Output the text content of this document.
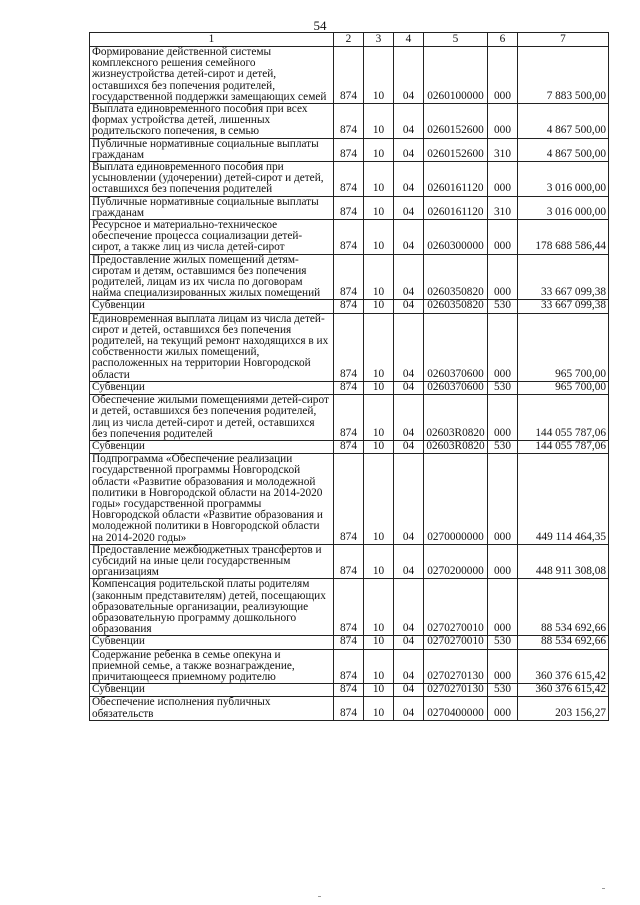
54
1	2	3	4	5	6	7
Формирование действенной системы комплексного решения семейного жизнеустройства детей-сирот и детей, оставшихся без попечения родителей, государственной поддержки замещающих семей	874	10	04	0260100000	000	7 883 500,00
Выплата единовременного пособия при всех формах устройства детей, лишенных родительского попечения, в семью	874	10	04	0260152600	000	4 867 500,00
Публичные нормативные социальные выплаты гражданам	874	10	04	0260152600	310	4 867 500,00
Выплата единовременного пособия при усыновлении (удочерении) детей-сирот и детей, оставшихся без попечения родителей	874	10	04	0260161120	000	3 016 000,00
Публичные нормативные социальные выплаты гражданам	874	10	04	0260161120	310	3 016 000,00
Ресурсное и материально-техническое обеспечение процесса социализации детей-сирот, а также лиц из числа детей-сирот	874	10	04	0260300000	000	178 688 586,44
Предоставление жилых помещений детям-сиротам и детям, оставшимся без попечения родителей, лицам из их числа по договорам найма специализированных жилых помещений	874	10	04	0260350820	000	33 667 099,38
Субвенции	874	10	04	0260350820	530	33 667 099,38
Единовременная выплата лицам из числа детей-сирот и детей, оставшихся без попечения родителей, на текущий ремонт находящихся в их собственности жилых помещений, расположенных на территории Новгородской области	874	10	04	0260370600	000	965 700,00
Субвенции	874	10	04	0260370600	530	965 700,00
Обеспечение жилыми помещениями детей-сирот и детей, оставшихся без попечения родителей, лиц из числа детей-сирот и детей, оставшихся без попечения родителей	874	10	04	02603R0820	000	144 055 787,06
Субвенции	874	10	04	02603R0820	530	144 055 787,06
Подпрограмма «Обеспечение реализации государственной программы Новгородской области «Развитие образования и молодежной политики в Новгородской области на 2014-2020 годы» государственной программы Новгородской области «Развитие образования и молодежной политики в Новгородской области на 2014-2020 годы»	874	10	04	0270000000	000	449 114 464,35
Предоставление межбюджетных трансфертов и субсидий на иные цели государственным организациям	874	10	04	0270200000	000	448 911 308,08
Компенсация родительской платы родителям (законным представителям) детей, посещающих образовательные организации, реализующие образовательную программу дошкольного образования	874	10	04	0270270010	000	88 534 692,66
Субвенции	874	10	04	0270270010	530	88 534 692,66
Содержание ребенка в семье опекуна и приемной семье, а также вознаграждение, причитающееся приемному родителю	874	10	04	0270270130	000	360 376 615,42
Субвенции	874	10	04	0270270130	530	360 376 615,42
Обеспечение исполнения публичных обязательств	874	10	04	0270400000	000	203 156,27
